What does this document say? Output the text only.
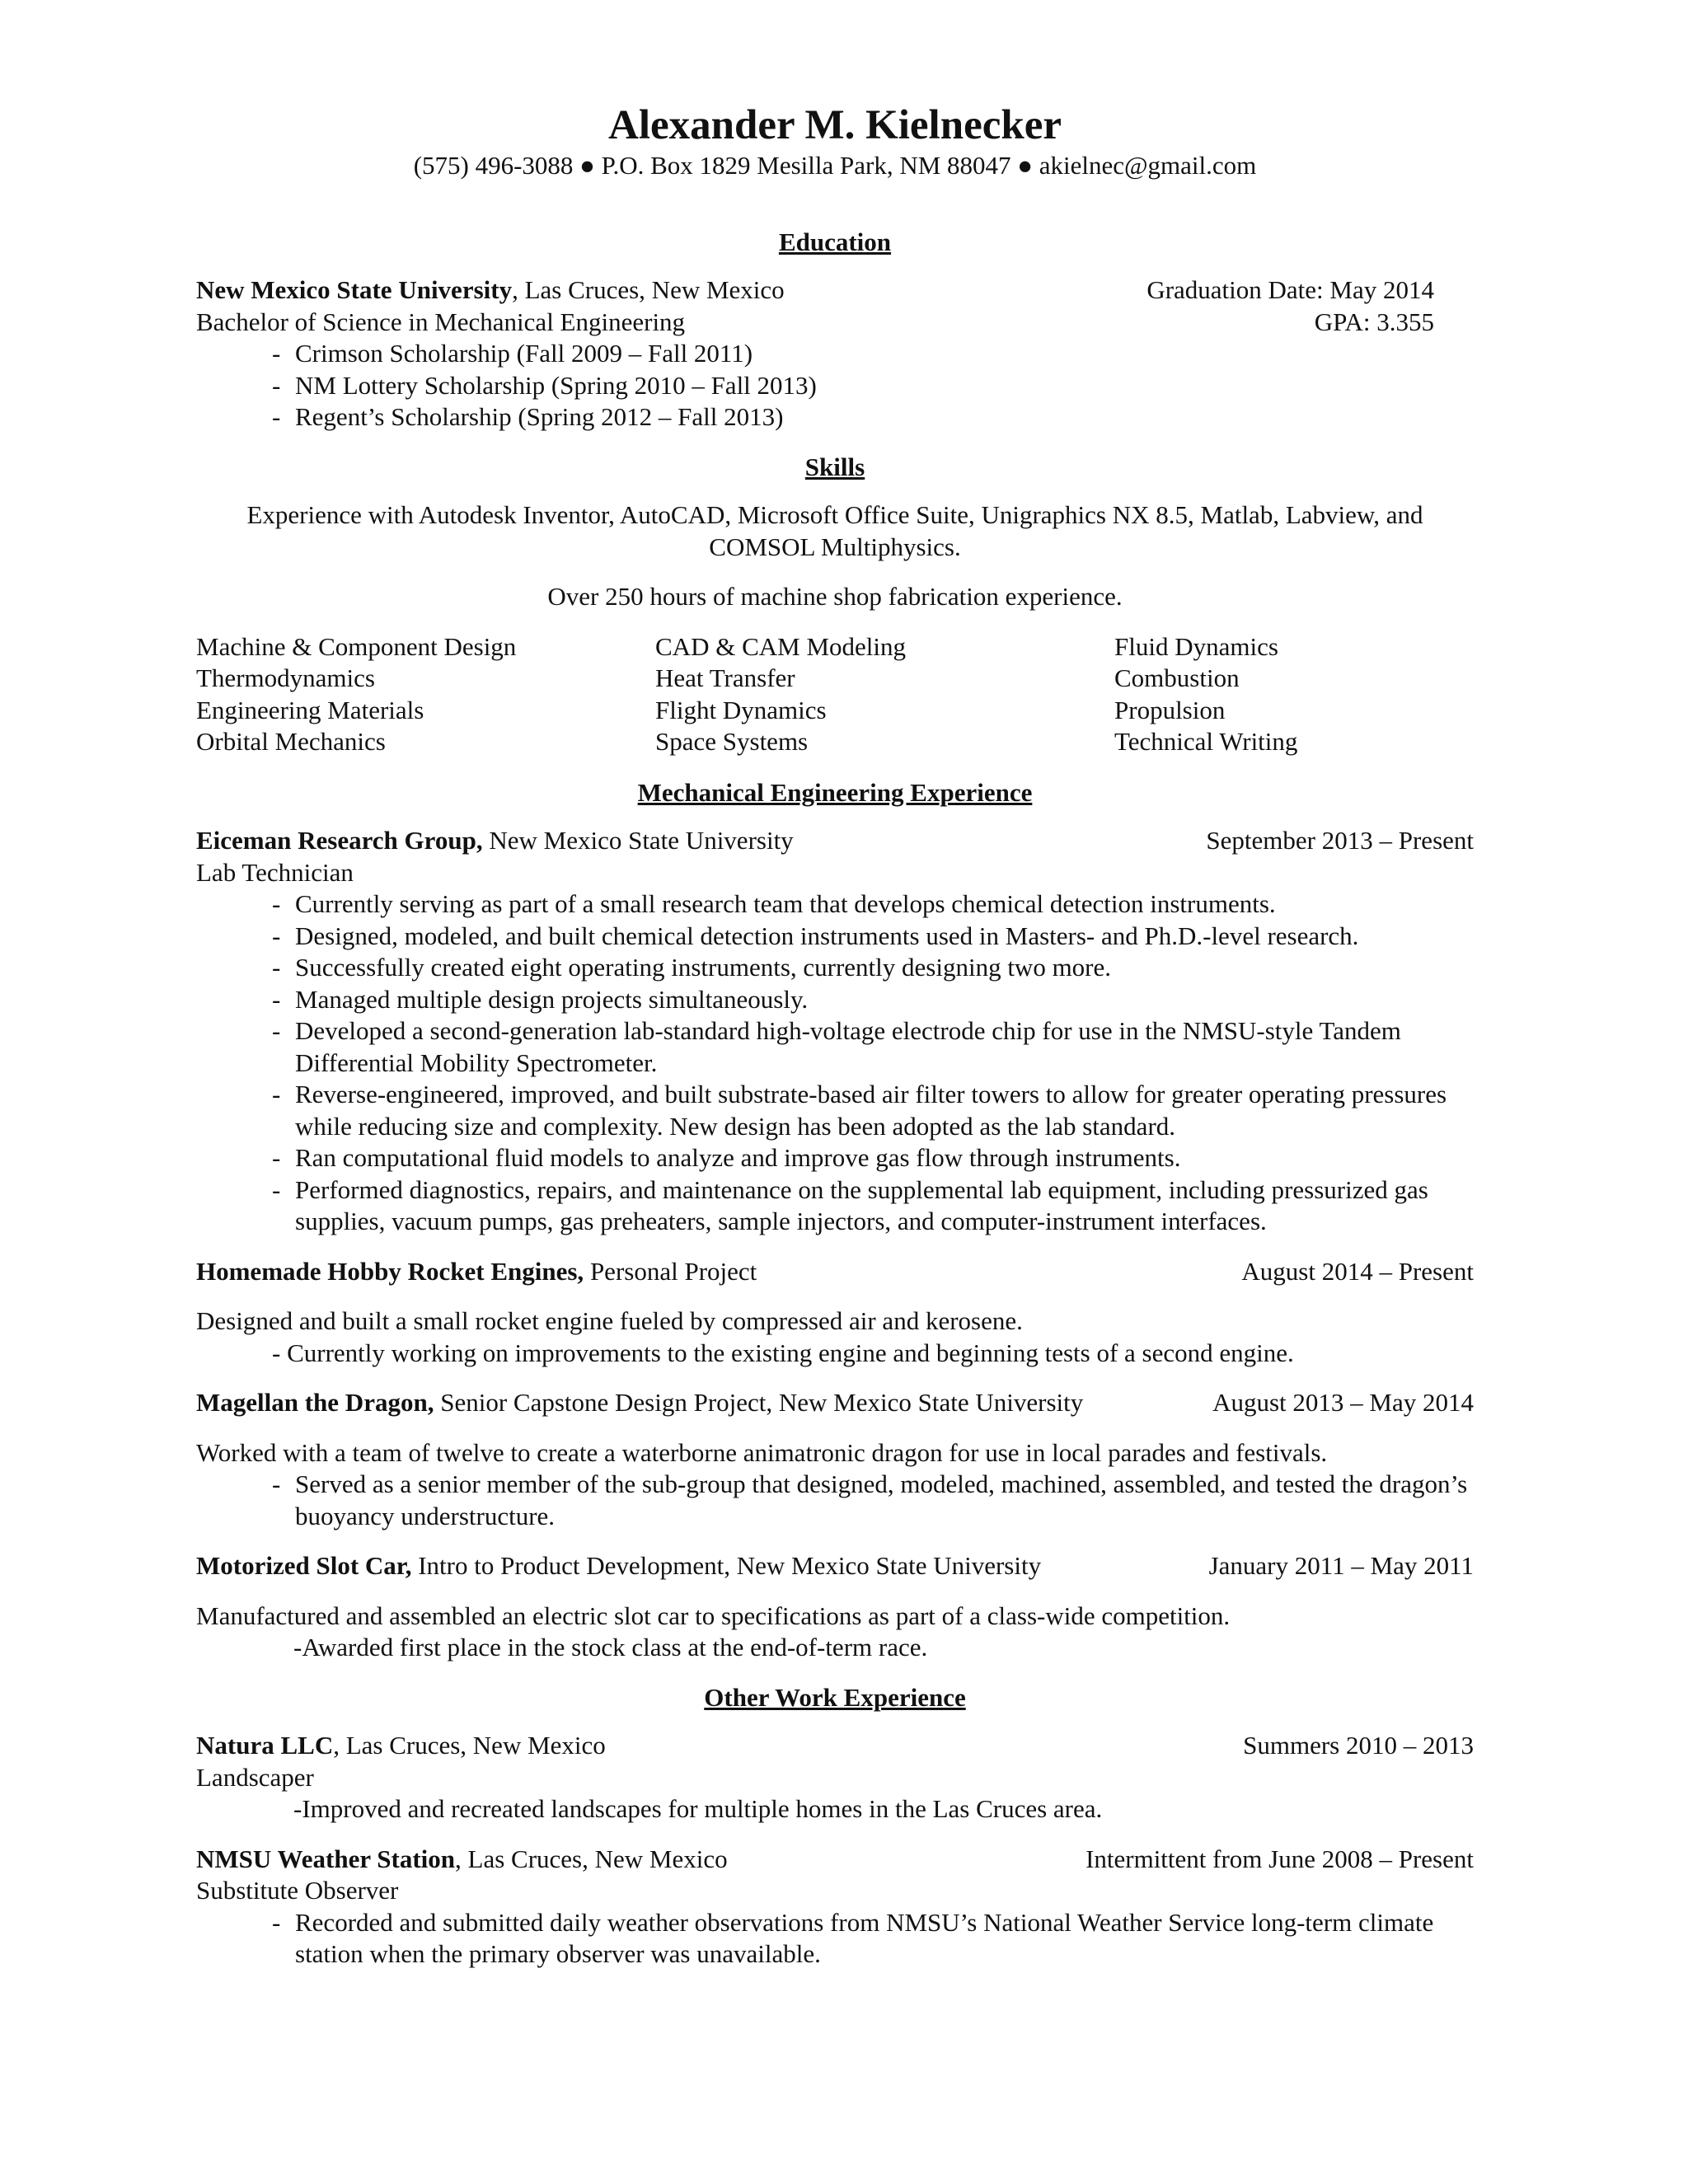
Alexander M. Kielnecker

(575) 496-3088 ● P.O. Box 1829 Mesilla Park, NM 88047 ● akielnec@gmail.com

Education

New Mexico State University, Las Cruces, New Mexico	Graduation Date: May 2014
Bachelor of Science in Mechanical Engineering	GPA: 3.355
- Crimson Scholarship (Fall 2009 – Fall 2011)
- NM Lottery Scholarship (Spring 2010 – Fall 2013)
- Regent’s Scholarship (Spring 2012 – Fall 2013)

Skills

Experience with Autodesk Inventor, AutoCAD, Microsoft Office Suite, Unigraphics NX 8.5, Matlab, Labview, and

COMSOL Multiphysics.

Over 250 hours of machine shop fabrication experience.

Machine & Component Design	CAD & CAM Modeling	Fluid Dynamics
Thermodynamics	Heat Transfer	Combustion
Engineering Materials	Flight Dynamics	Propulsion
Orbital Mechanics	Space Systems	Technical Writing

Mechanical Engineering Experience

Eiceman Research Group, New Mexico State University	September 2013 – Present
Lab Technician
- Currently serving as part of a small research team that develops chemical detection instruments.
- Designed, modeled, and built chemical detection instruments used in Masters- and Ph.D.-level research.
- Successfully created eight operating instruments, currently designing two more.
- Managed multiple design projects simultaneously.
- Developed a second-generation lab-standard high-voltage electrode chip for use in the NMSU-style Tandem Differential Mobility Spectrometer.
- Reverse-engineered, improved, and built substrate-based air filter towers to allow for greater operating pressures while reducing size and complexity. New design has been adopted as the lab standard.
- Ran computational fluid models to analyze and improve gas flow through instruments.
- Performed diagnostics, repairs, and maintenance on the supplemental lab equipment, including pressurized gas supplies, vacuum pumps, gas preheaters, sample injectors, and computer-instrument interfaces.
Homemade Hobby Rocket Engines, Personal Project	August 2014 – Present
Designed and built a small rocket engine fueled by compressed air and kerosene.
- Currently working on improvements to the existing engine and beginning tests of a second engine.
Magellan the Dragon, Senior Capstone Design Project, New Mexico State University	August 2013 – May 2014
Worked with a team of twelve to create a waterborne animatronic dragon for use in local parades and festivals.
- Served as a senior member of the sub-group that designed, modeled, machined, assembled, and tested the dragon’s buoyancy understructure.
Motorized Slot Car, Intro to Product Development, New Mexico State University	January 2011 – May 2011
Manufactured and assembled an electric slot car to specifications as part of a class-wide competition.
-Awarded first place in the stock class at the end-of-term race.

Other Work Experience

Natura LLC, Las Cruces, New Mexico	Summers 2010 – 2013
Landscaper
-Improved and recreated landscapes for multiple homes in the Las Cruces area.
NMSU Weather Station, Las Cruces, New Mexico	Intermittent from June 2008 – Present
Substitute Observer
- Recorded and submitted daily weather observations from NMSU’s National Weather Service long-term climate station when the primary observer was unavailable.
